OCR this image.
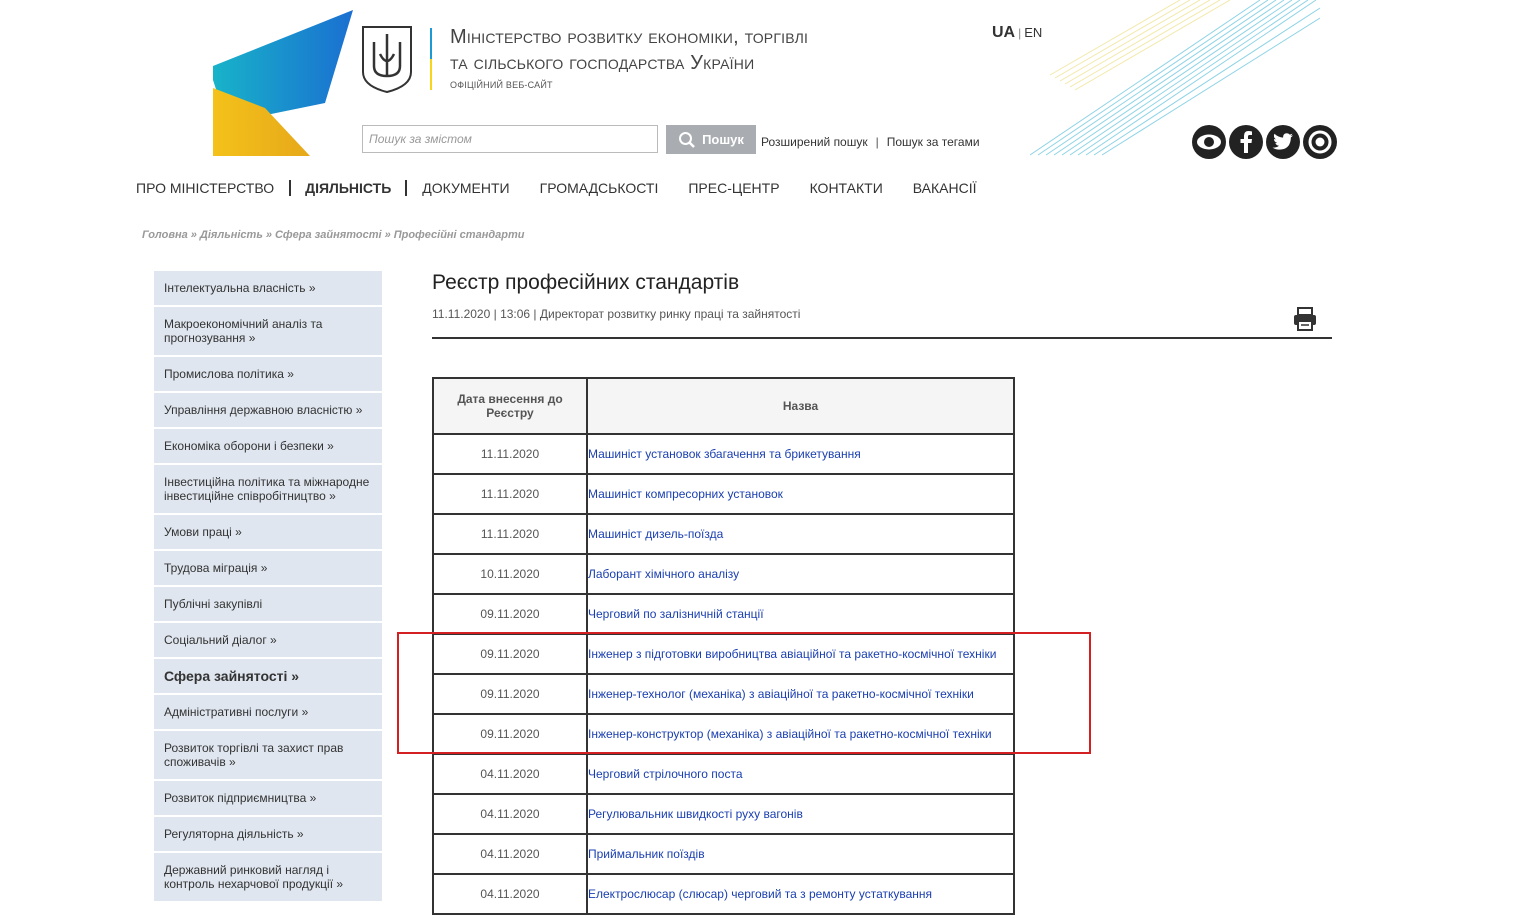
Міністерство розвитку економіки, торгівлі
та сільського господарства України
ОФІЦІЙНИЙ ВЕБ-САЙТ
UA | EN
Пошук за змістом
Пошук Розширений пошук | Пошук за тегами
ПРО МІНІСТЕРСТВО	ДІЯЛЬНІСТЬ	ДОКУМЕНТИ	ГРОМАДСЬКОСТІ	ПРЕС-ЦЕНТР	КОНТАКТИ	ВАКАНСІЇ
Головна » Діяльність » Сфера зайнятості » Професійні стандарти
Інтелектуальна власність »
Макроекономічний аналіз та прогнозування »
Промислова політика »
Управління державною власністю »
Економіка оборони і безпеки »
Інвестиційна політика та міжнародне інвестиційне співробітництво »
Умови праці »
Трудова міграція »
Публічні закупівлі
Соціальний діалог »
Сфера зайнятості »
Адміністративні послуги »
Розвиток торгівлі та захист прав споживачів »
Розвиток підприємництва »
Регуляторна діяльність »
Державний ринковий нагляд і контроль нехарчової продукції »
Реєстр професійних стандартів
11.11.2020 | 13:06 | Директорат розвитку ринку праці та зайнятості
Дата внесення до Реєстру	Назва
11.11.2020	Машиніст установок збагачення та брикетування
11.11.2020	Машиніст компресорних установок
11.11.2020	Машиніст дизель-поїзда
10.11.2020	Лаборант хімічного аналізу
09.11.2020	Черговий по залізничній станції
09.11.2020	Інженер з підготовки виробництва авіаційної та ракетно-космічної техніки
09.11.2020	Інженер-технолог (механіка) з авіаційної та ракетно-космічної техніки
09.11.2020	Інженер-конструктор (механіка) з авіаційної та ракетно-космічної техніки
04.11.2020	Черговий стрілочного поста
04.11.2020	Регулювальник швидкості руху вагонів
04.11.2020	Приймальник поїздів
04.11.2020	Електрослюсар (слюсар) черговий та з ремонту устаткування
